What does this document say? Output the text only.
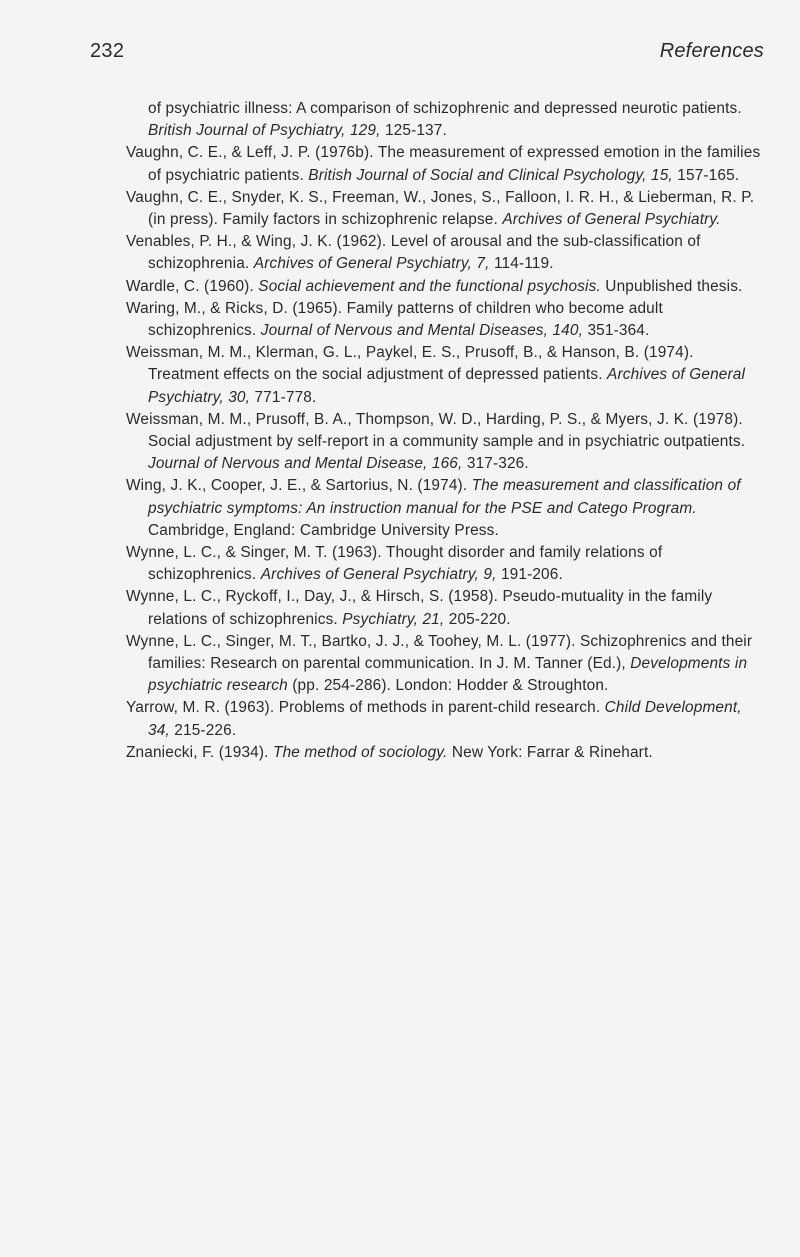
232	References
of psychiatric illness: A comparison of schizophrenic and depressed neurotic patients. British Journal of Psychiatry, 129, 125-137.
Vaughn, C. E., & Leff, J. P. (1976b). The measurement of expressed emotion in the families of psychiatric patients. British Journal of Social and Clinical Psychology, 15, 157-165.
Vaughn, C. E., Snyder, K. S., Freeman, W., Jones, S., Falloon, I. R. H., & Lieberman, R. P. (in press). Family factors in schizophrenic relapse. Archives of General Psychiatry.
Venables, P. H., & Wing, J. K. (1962). Level of arousal and the sub-classification of schizophrenia. Archives of General Psychiatry, 7, 114-119.
Wardle, C. (1960). Social achievement and the functional psychosis. Unpublished thesis.
Waring, M., & Ricks, D. (1965). Family patterns of children who become adult schizophrenics. Journal of Nervous and Mental Diseases, 140, 351-364.
Weissman, M. M., Klerman, G. L., Paykel, E. S., Prusoff, B., & Hanson, B. (1974). Treatment effects on the social adjustment of depressed patients. Archives of General Psychiatry, 30, 771-778.
Weissman, M. M., Prusoff, B. A., Thompson, W. D., Harding, P. S., & Myers, J. K. (1978). Social adjustment by self-report in a community sample and in psychiatric outpatients. Journal of Nervous and Mental Disease, 166, 317-326.
Wing, J. K., Cooper, J. E., & Sartorius, N. (1974). The measurement and classification of psychiatric symptoms: An instruction manual for the PSE and Catego Program. Cambridge, England: Cambridge University Press.
Wynne, L. C., & Singer, M. T. (1963). Thought disorder and family relations of schizophrenics. Archives of General Psychiatry, 9, 191-206.
Wynne, L. C., Ryckoff, I., Day, J., & Hirsch, S. (1958). Pseudo-mutuality in the family relations of schizophrenics. Psychiatry, 21, 205-220.
Wynne, L. C., Singer, M. T., Bartko, J. J., & Toohey, M. L. (1977). Schizophrenics and their families: Research on parental communication. In J. M. Tanner (Ed.), Developments in psychiatric research (pp. 254-286). London: Hodder & Stroughton.
Yarrow, M. R. (1963). Problems of methods in parent-child research. Child Development, 34, 215-226.
Znaniecki, F. (1934). The method of sociology. New York: Farrar & Rinehart.
